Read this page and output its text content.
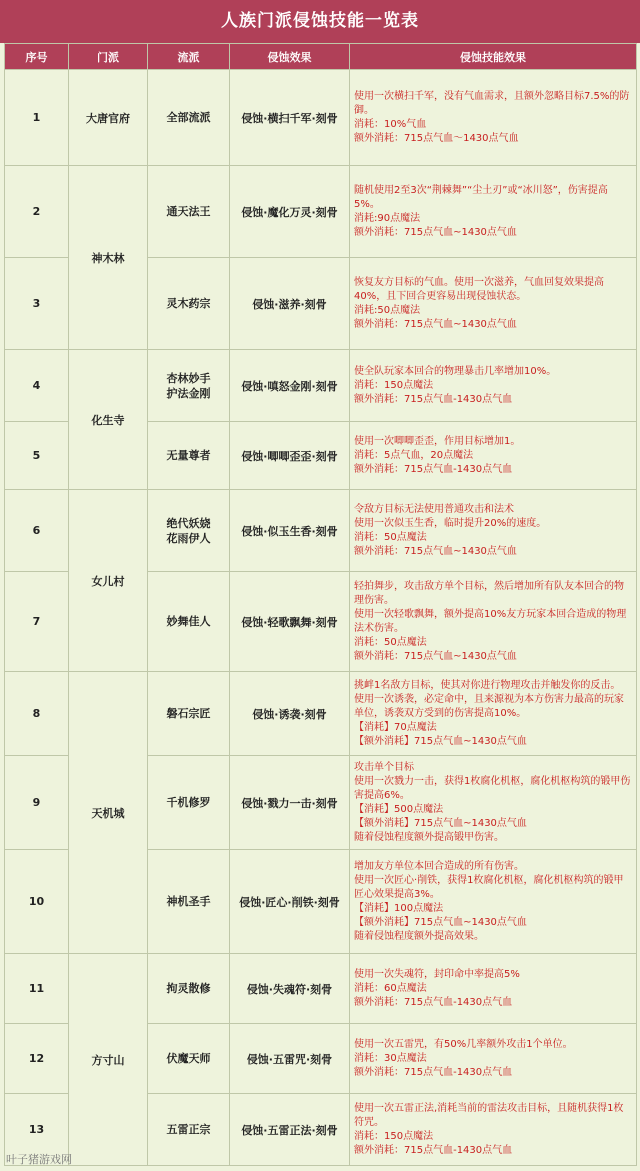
人族门派侵蚀技能一览表
序号	门派	流派	侵蚀效果	侵蚀技能效果
1	大唐官府	全部流派	侵蚀·横扫千军·刻骨	使用一次横扫千军，没有气血需求，且额外忽略目标7.5%的防御。
消耗：10%气血
额外消耗：715点气血～1430点气血

2	神木林	通天法王	侵蚀·魔化万灵·刻骨	随机使用2至3次“荆棘舞”“尘土刃”或“冰川怒”，伤害提高5%。
消耗:90点魔法
额外消耗：715点气血~1430点气血

3		灵木药宗	侵蚀·滋养·刻骨	恢复友方目标的气血。使用一次滋养，气血回复效果提高40%，且下回合更容易出现侵蚀状态。
消耗:50点魔法
额外消耗：715点气血~1430点气血

4	化生寺	杏林妙手
护法金刚	侵蚀·嗔怒金刚·刻骨	使全队玩家本回合的物理暴击几率增加10%。
消耗：150点魔法
额外消耗：715点气血-1430点气血

5		无量尊者	侵蚀·唧唧歪歪·刻骨	使用一次唧唧歪歪，作用目标增加1。
消耗：5点气血，20点魔法
额外消耗：715点气血-1430点气血

6	女儿村	绝代妖娆
花雨伊人	侵蚀·似玉生香·刻骨	令敌方目标无法使用普通攻击和法术
使用一次似玉生香，临时提升20%的速度。
消耗：50点魔法
额外消耗：715点气血~1430点气血

7		妙舞佳人	侵蚀·轻歌飘舞·刻骨	轻拍舞步，攻击敌方单个目标，然后增加所有队友本回合的物理伤害。
使用一次轻歌飘舞，额外提高10%友方玩家本回合造成的物理法术伤害。
消耗：50点魔法
额外消耗：715点气血~1430点气血

8	天机城	磐石宗匠	侵蚀·诱袭·刻骨	挑衅1名敌方目标，使其对你进行物理攻击并触发你的反击。
使用一次诱袭，必定命中，且来源视为本方伤害力最高的玩家单位，诱袭双方受到的伤害提高10%。
【消耗】70点魔法
【额外消耗】715点气血~1430点气血

9		千机修罗	侵蚀·戮力一击·刻骨	攻击单个目标
使用一次戮力一击，获得1枚腐化机枢，腐化机枢构筑的锻甲伤害提高6%。
【消耗】500点魔法
【额外消耗】715点气血~1430点气血
随着侵蚀程度额外提高锻甲伤害。

10		神机圣手	侵蚀·匠心·削铁·刻骨	增加友方单位本回合造成的所有伤害。
使用一次匠心·削铁，获得1枚腐化机枢，腐化机枢构筑的锻甲匠心效果提高3%。
【消耗】100点魔法
【额外消耗】715点气血~1430点气血
随着侵蚀程度额外提高效果。

11	方寸山	拘灵散修	侵蚀·失魂符·刻骨	使用一次失魂符，封印命中率提高5%
消耗：60点魔法
额外消耗：715点气血-1430点气血

12		伏魔天师	侵蚀·五雷咒·刻骨	使用一次五雷咒，有50%几率额外攻击1个单位。
消耗：30点魔法
额外消耗：715点气血-1430点气血

13		五雷正宗	侵蚀·五雷正法·刻骨	使用一次五雷正法,消耗当前的雷法攻击目标，且随机获得1枚符咒。
消耗：150点魔法
额外消耗：715点气血-1430点气血
叶子猪游戏网
